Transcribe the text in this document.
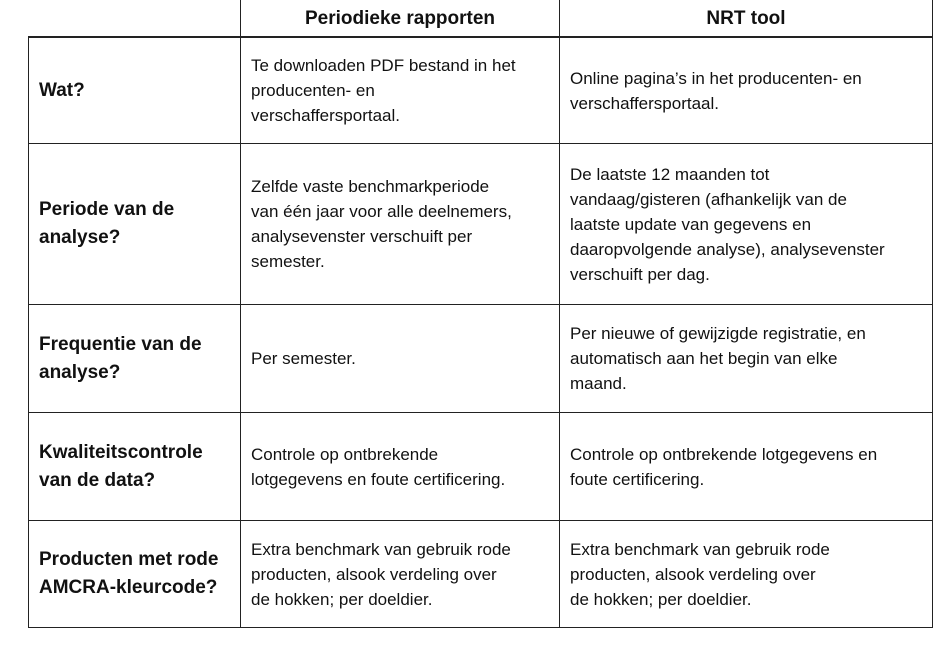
Periodieke rapporten	NRT tool
Wat?
Te downloaden PDF bestand in het
producenten- en
verschaffersportaal.
Online pagina’s in het producenten- en
verschaffersportaal.
Periode van de
analyse?
Zelfde vaste benchmarkperiode
van één jaar voor alle deelnemers,
analysevenster verschuift per
semester.
De laatste 12 maanden tot
vandaag/gisteren (afhankelijk van de
laatste update van gegevens en
daaropvolgende analyse), analysevenster
verschuift per dag.
Frequentie van de
analyse?
Per semester.
Per nieuwe of gewijzigde registratie, en
automatisch aan het begin van elke
maand.
Kwaliteitscontrole
van de data?
Controle op ontbrekende
lotgegevens en foute certificering.
Controle op ontbrekende lotgegevens en
foute certificering.
Producten met rode
AMCRA-kleurcode?
Extra benchmark van gebruik rode
producten, alsook verdeling over
de hokken; per doeldier.
Extra benchmark van gebruik rode
producten, alsook verdeling over
de hokken; per doeldier.
